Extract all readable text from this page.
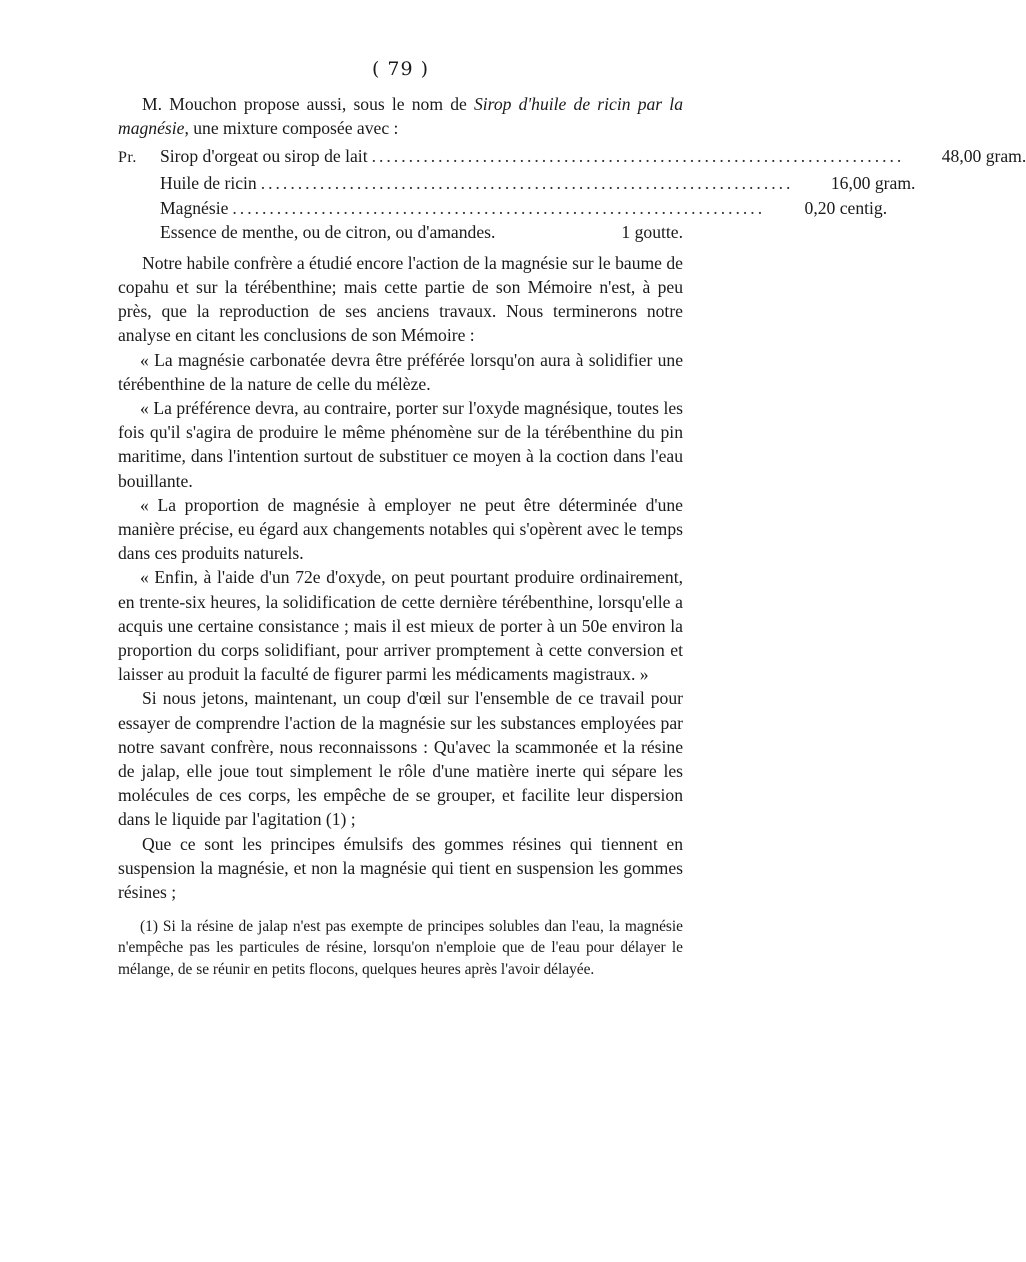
( 79 )

M. Mouchon propose aussi, sous le nom de Sirop d'huile de ricin par la magnésie, une mixture composée avec :

Pr.	Sirop d'orgeat ou sirop de lait ........................................................................	48,00 gram.
Huile de ricin ........................................................................	16,00 gram.
Magnésie ........................................................................	0,20 centig.
Essence de menthe, ou de citron, ou d'amandes.	1 goutte.

Notre habile confrère a étudié encore l'action de la magnésie sur le baume de copahu et sur la térébenthine; mais cette partie de son Mémoire n'est, à peu près, que la reproduction de ses anciens travaux. Nous terminerons notre analyse en citant les conclusions de son Mémoire :

« La magnésie carbonatée devra être préférée lorsqu'on aura à solidifier une térébenthine de la nature de celle du mélèze.

« La préférence devra, au contraire, porter sur l'oxyde magnésique, toutes les fois qu'il s'agira de produire le même phénomène sur de la térébenthine du pin maritime, dans l'intention surtout de substituer ce moyen à la coction dans l'eau bouillante.

« La proportion de magnésie à employer ne peut être déterminée d'une manière précise, eu égard aux changements notables qui s'opèrent avec le temps dans ces produits naturels.

« Enfin, à l'aide d'un 72e d'oxyde, on peut pourtant produire ordinairement, en trente-six heures, la solidification de cette dernière térébenthine, lorsqu'elle a acquis une certaine consistance ; mais il est mieux de porter à un 50e environ la proportion du corps solidifiant, pour arriver promptement à cette conversion et laisser au produit la faculté de figurer parmi les médicaments magistraux. »

Si nous jetons, maintenant, un coup d'œil sur l'ensemble de ce travail pour essayer de comprendre l'action de la magnésie sur les substances employées par notre savant confrère, nous reconnaissons : Qu'avec la scammonée et la résine de jalap, elle joue tout simplement le rôle d'une matière inerte qui sépare les molécules de ces corps, les empêche de se grouper, et facilite leur dispersion dans le liquide par l'agitation (1) ;

Que ce sont les principes émulsifs des gommes résines qui tiennent en suspension la magnésie, et non la magnésie qui tient en suspension les gommes résines ;

(1) Si la résine de jalap n'est pas exempte de principes solubles dan l'eau, la magnésie n'empêche pas les particules de résine, lorsqu'on n'emploie que de l'eau pour délayer le mélange, de se réunir en petits flocons, quelques heures après l'avoir délayée.
